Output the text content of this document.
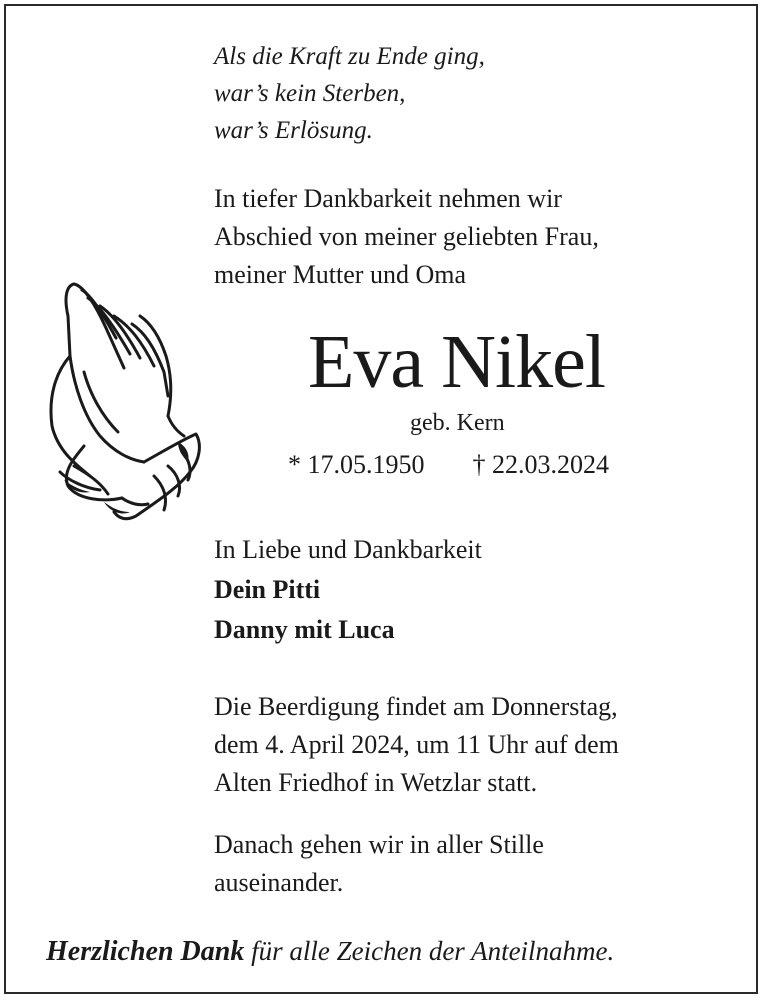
Als die Kraft zu Ende ging,
war’s kein Sterben,
war’s Erlösung.
In tiefer Dankbarkeit nehmen wir
Abschied von meiner geliebten Frau,
meiner Mutter und Oma
Eva Nikel
geb. Kern
* 17.05.1950 † 22.03.2024
In Liebe und Dankbarkeit
Dein Pitti
Danny mit Luca
Die Beerdigung findet am Donnerstag,
dem 4. April 2024, um 11 Uhr auf dem
Alten Friedhof in Wetzlar statt.
Danach gehen wir in aller Stille
auseinander.
Herzlichen Dank für alle Zeichen der Anteilnahme.
